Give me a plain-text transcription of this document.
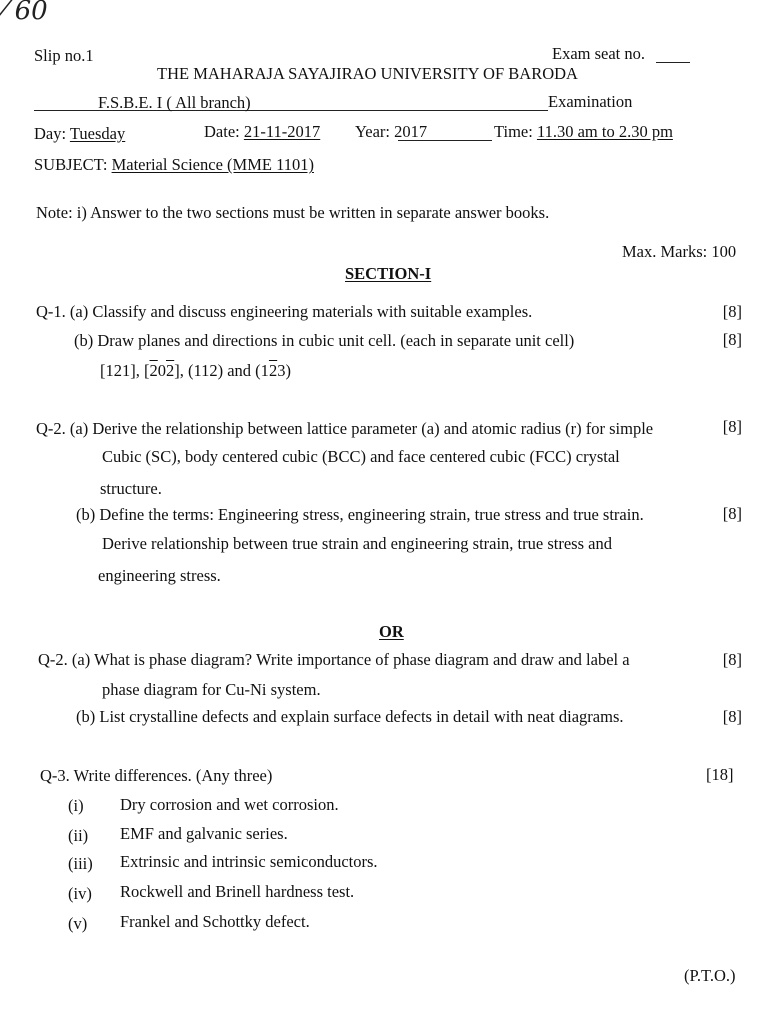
⁄ 60
Slip no.1	Exam seat no.
THE MAHARAJA SAYAJIRAO UNIVERSITY OF BARODA
F.S.B.E. I ( All branch)	Examination
Day: Tuesday	Date: 21-11-2017 Year: 2017	Time: 11.30 am to 2.30 pm
SUBJECT: Material Science (MME 1101)
Note: i) Answer to the two sections must be written in separate answer books.
Max. Marks: 100
SECTION-I
Q-1. (a) Classify and discuss engineering materials with suitable examples.	[8]
(b) Draw planes and directions in cubic unit cell. (each in separate unit cell)	[8]
[121], [202], (112) and (123)
Q-2. (a) Derive the relationship between lattice parameter (a) and atomic radius (r) for simple	[8]
Cubic (SC), body centered cubic (BCC) and face centered cubic (FCC) crystal
structure.
(b) Define the terms: Engineering stress, engineering strain, true stress and true strain.	[8]
Derive relationship between true strain and engineering strain, true stress and
engineering stress.
OR
Q-2. (a) What is phase diagram? Write importance of phase diagram and draw and label a	[8]
phase diagram for Cu-Ni system.
(b) List crystalline defects and explain surface defects in detail with neat diagrams.	[8]
Q-3. Write differences. (Any three)	[18]
(i) Dry corrosion and wet corrosion.
(ii) EMF and galvanic series.
(iii) Extrinsic and intrinsic semiconductors.
(iv) Rockwell and Brinell hardness test.
(v) Frankel and Schottky defect.
(P.T.O.)
